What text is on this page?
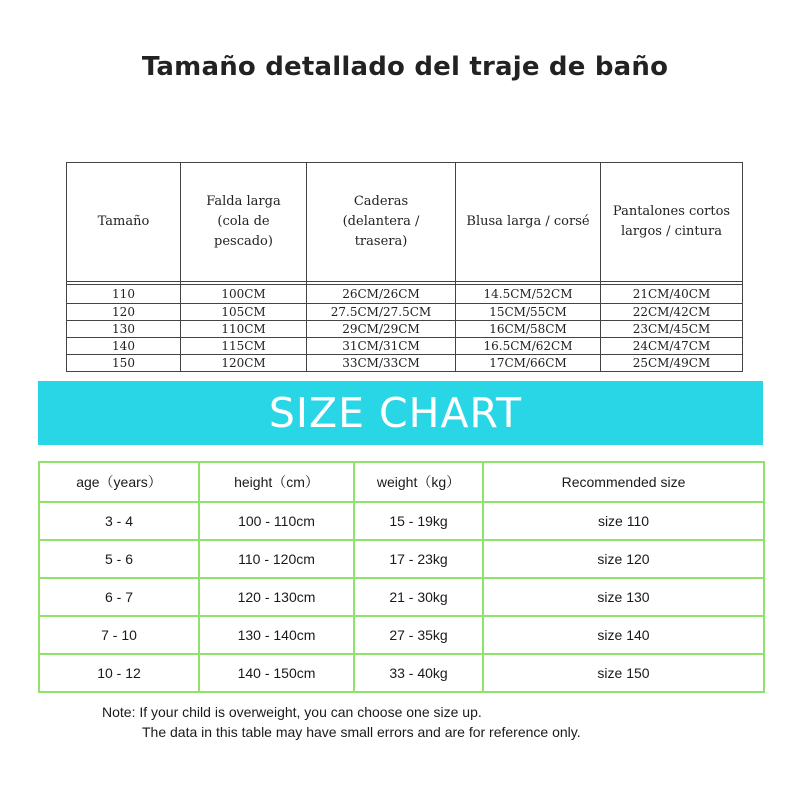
Tamaño detallado del traje de baño
Tamaño	Falda larga (cola de pescado)	Caderas (delantera / trasera)	Blusa larga / corsé	Pantalones cortos largos / cintura

110	100CM	26CM/26CM	14.5CM/52CM	21CM/40CM
120	105CM	27.5CM/27.5CM	15CM/55CM	22CM/42CM
130	110CM	29CM/29CM	16CM/58CM	23CM/45CM
140	115CM	31CM/31CM	16.5CM/62CM	24CM/47CM
150	120CM	33CM/33CM	17CM/66CM	25CM/49CM
SIZE CHART
age（years）	height（cm）	weight（kg）	Recommended size
3 - 4	100 - 110cm	15 - 19kg	size 110
5 - 6	110 - 120cm	17 - 23kg	size 120
6 - 7	120 - 130cm	21 - 30kg	size 130
7 - 10	130 - 140cm	27 - 35kg	size 140
10 - 12	140 - 150cm	33 - 40kg	size 150
Note: If your child is overweight, you can choose one size up.
The data in this table may have small errors and are for reference only.
